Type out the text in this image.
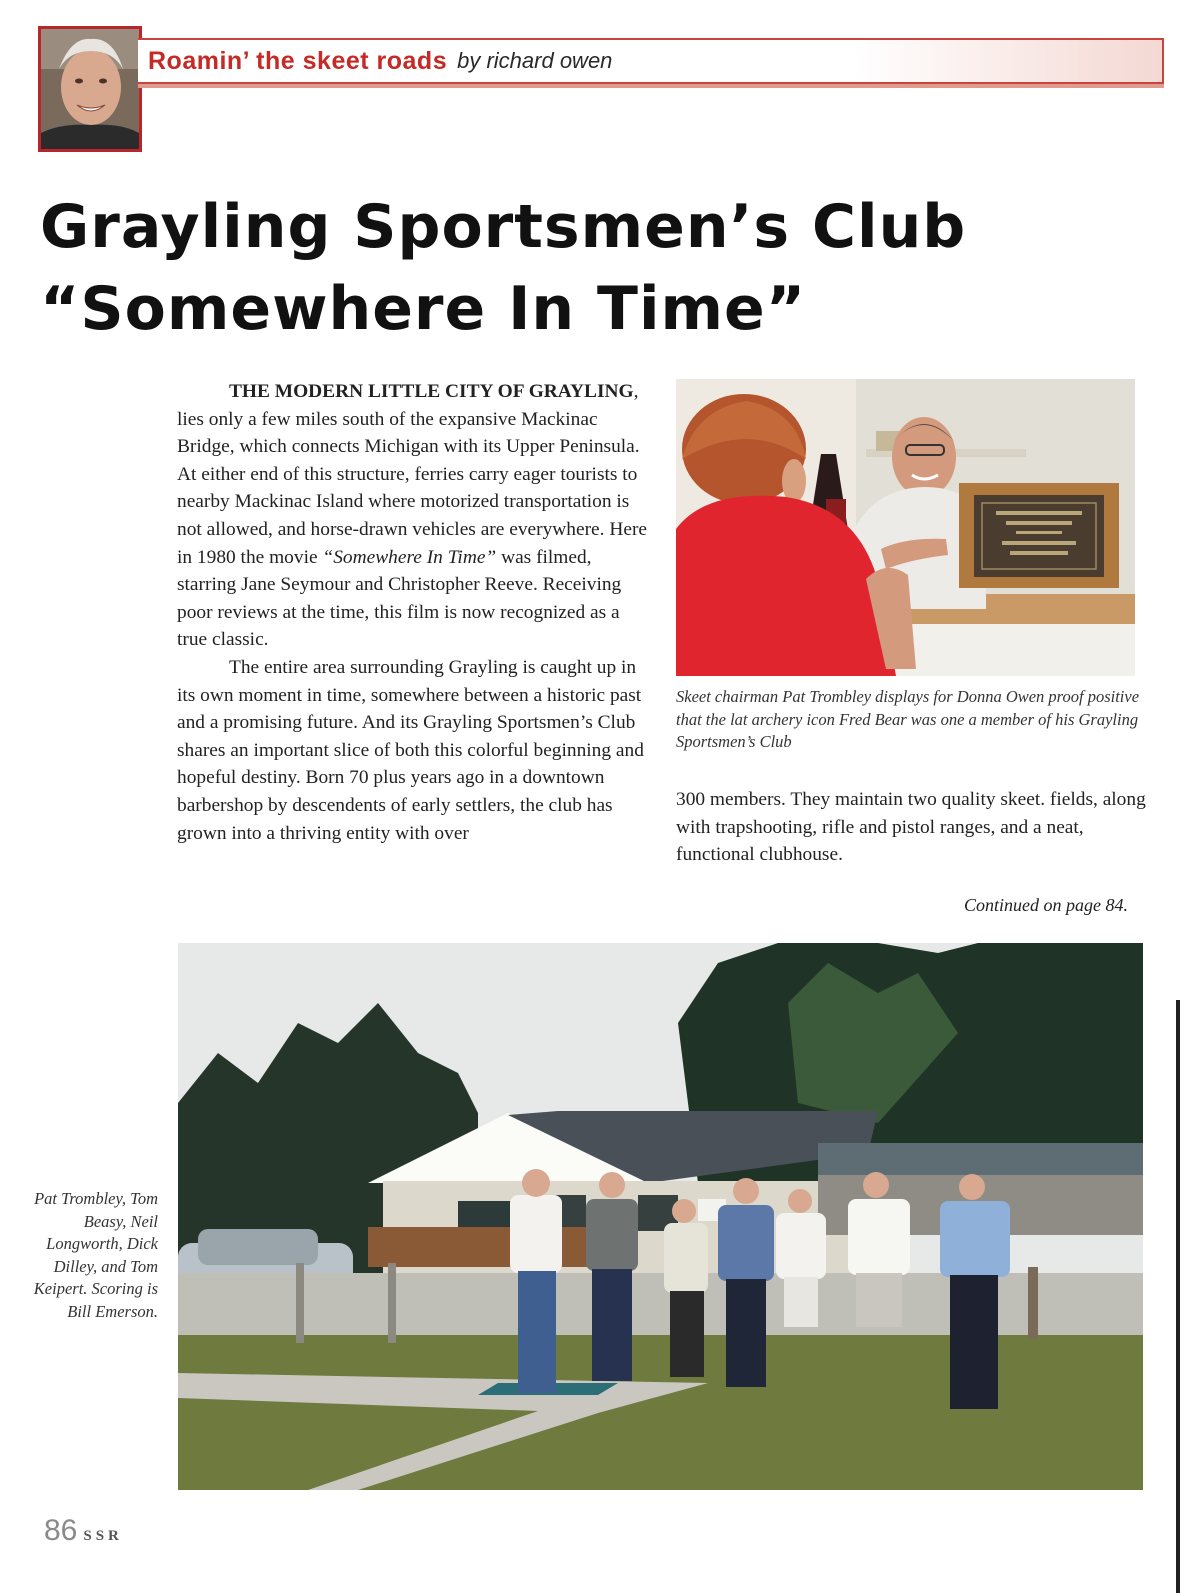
Roamin’ the skeet roads by richard owen
Grayling Sportsmen’s Club
“Somewhere In Time”

THE MODERN LITTLE CITY OF GRAYLING, lies only a few miles south of the expansive Mackinac Bridge, which connects Michigan with its Upper Peninsula. At either end of this structure, ferries carry eager tourists to nearby Mackinac Island where motorized transportation is not allowed, and horse-drawn vehicles are everywhere. Here in 1980 the movie “Somewhere In Time” was filmed, starring Jane Seymour and Christopher Reeve. Receiving poor reviews at the time, this film is now recognized as a true classic.

The entire area surrounding Grayling is caught up in its own moment in time, somewhere between a historic past and a promising future. And its Grayling Sportsmen’s Club shares an important slice of both this colorful beginning and hopeful destiny. Born 70 plus years ago in a downtown barbershop by descendents of early settlers, the club has grown into a thriving entity with over

Skeet chairman Pat Trombley displays for Donna Owen proof positive that the lat archery icon Fred Bear was one a member of his Grayling Sportsmen’s Club

300 members. They maintain two quality skeet. fields, along with trapshooting, rifle and pistol ranges, and a neat, functional clubhouse.

Continued on page 84.
Pat Trombley, Tom Beasy, Neil Longworth, Dick Dilley, and Tom Keipert. Scoring is Bill Emerson.
86 SSR
